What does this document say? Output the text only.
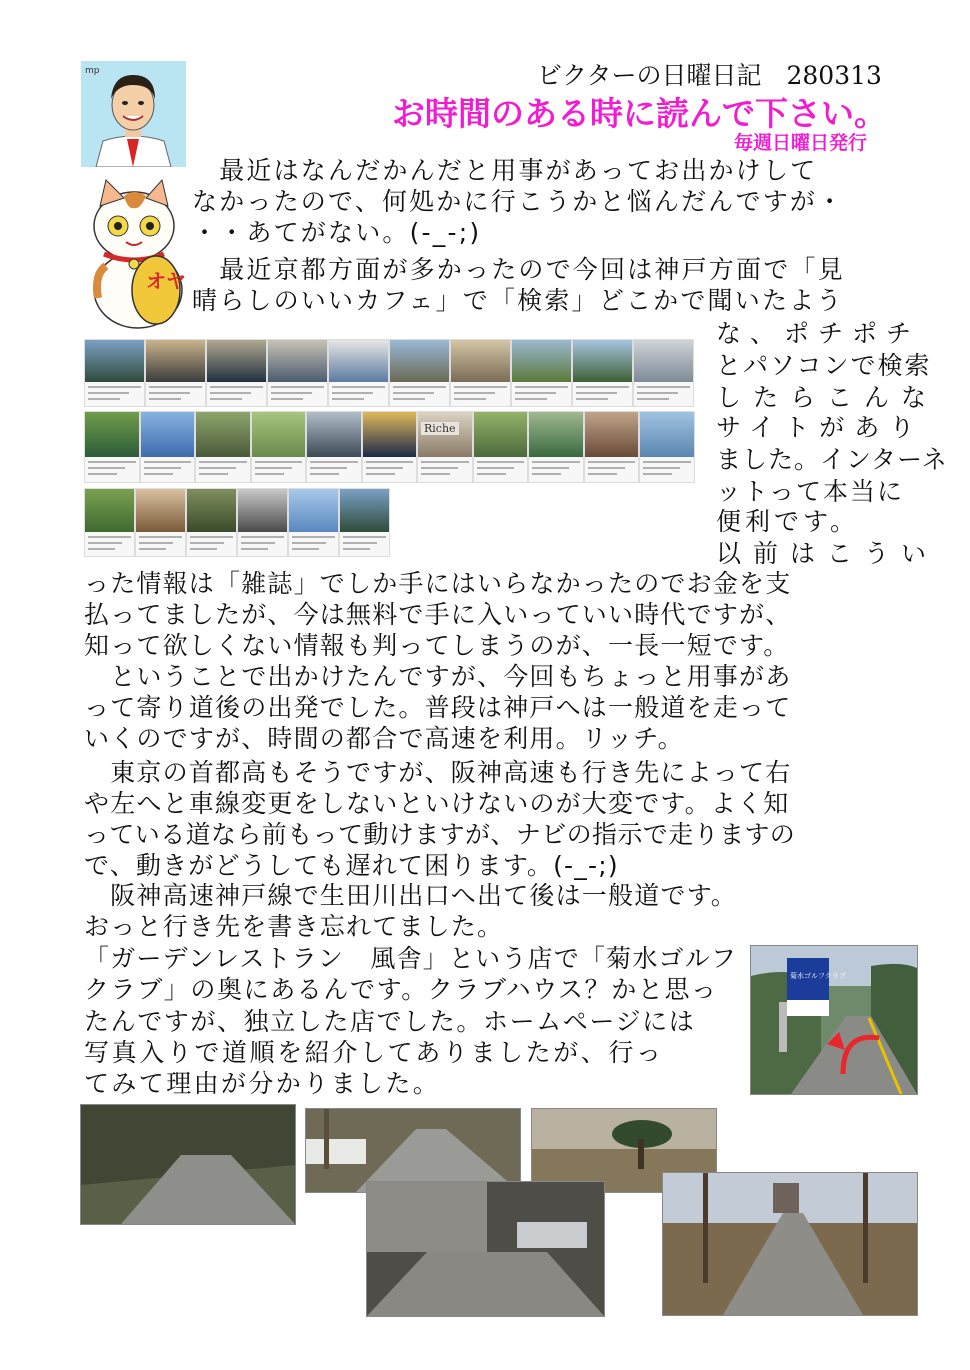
ビクターの日曜日記　280313
お時間のある時に読んで下さい。
毎週日曜日発行
mp
オヤ
Riche
　最近はなんだかんだと用事があってお出かけして
なかったので、何処かに行こうかと悩んだんですが・
・・あてがない。(-_-;)
　最近京都方面が多かったので今回は神戸方面で「見
晴らしのいいカフェ」で「検索」どこかで聞いたよう
な、ポチポチ
とパソコンで検索
したらこんな
サイトがあり
ました。インターネ
ットって本当に
便利です。
以前はこうい
った情報は「雑誌」でしか手にはいらなかったのでお金を支
払ってましたが、今は無料で手に入いっていい時代ですが、
知って欲しくない情報も判ってしまうのが、一長一短です。
　ということで出かけたんですが、今回もちょっと用事があ
って寄り道後の出発でした。普段は神戸へは一般道を走って
いくのですが、時間の都合で高速を利用。リッチ。
　東京の首都高もそうですが、阪神高速も行き先によって右
や左へと車線変更をしないといけないのが大変です。よく知
っている道なら前もって動けますが、ナビの指示で走りますの
で、動きがどうしても遅れて困ります。(-_-;)
　阪神高速神戸線で生田川出口へ出て後は一般道です。
おっと行き先を書き忘れてました。
「ガーデンレストラン　風舎」という店で「菊水ゴルフ
クラブ」の奥にあるんです。クラブハウス？かと思っ
たんですが、独立した店でした。ホームページには
写真入りで道順を紹介してありましたが、行っ
てみて理由が分かりました。
菊水ゴルフクラブ
